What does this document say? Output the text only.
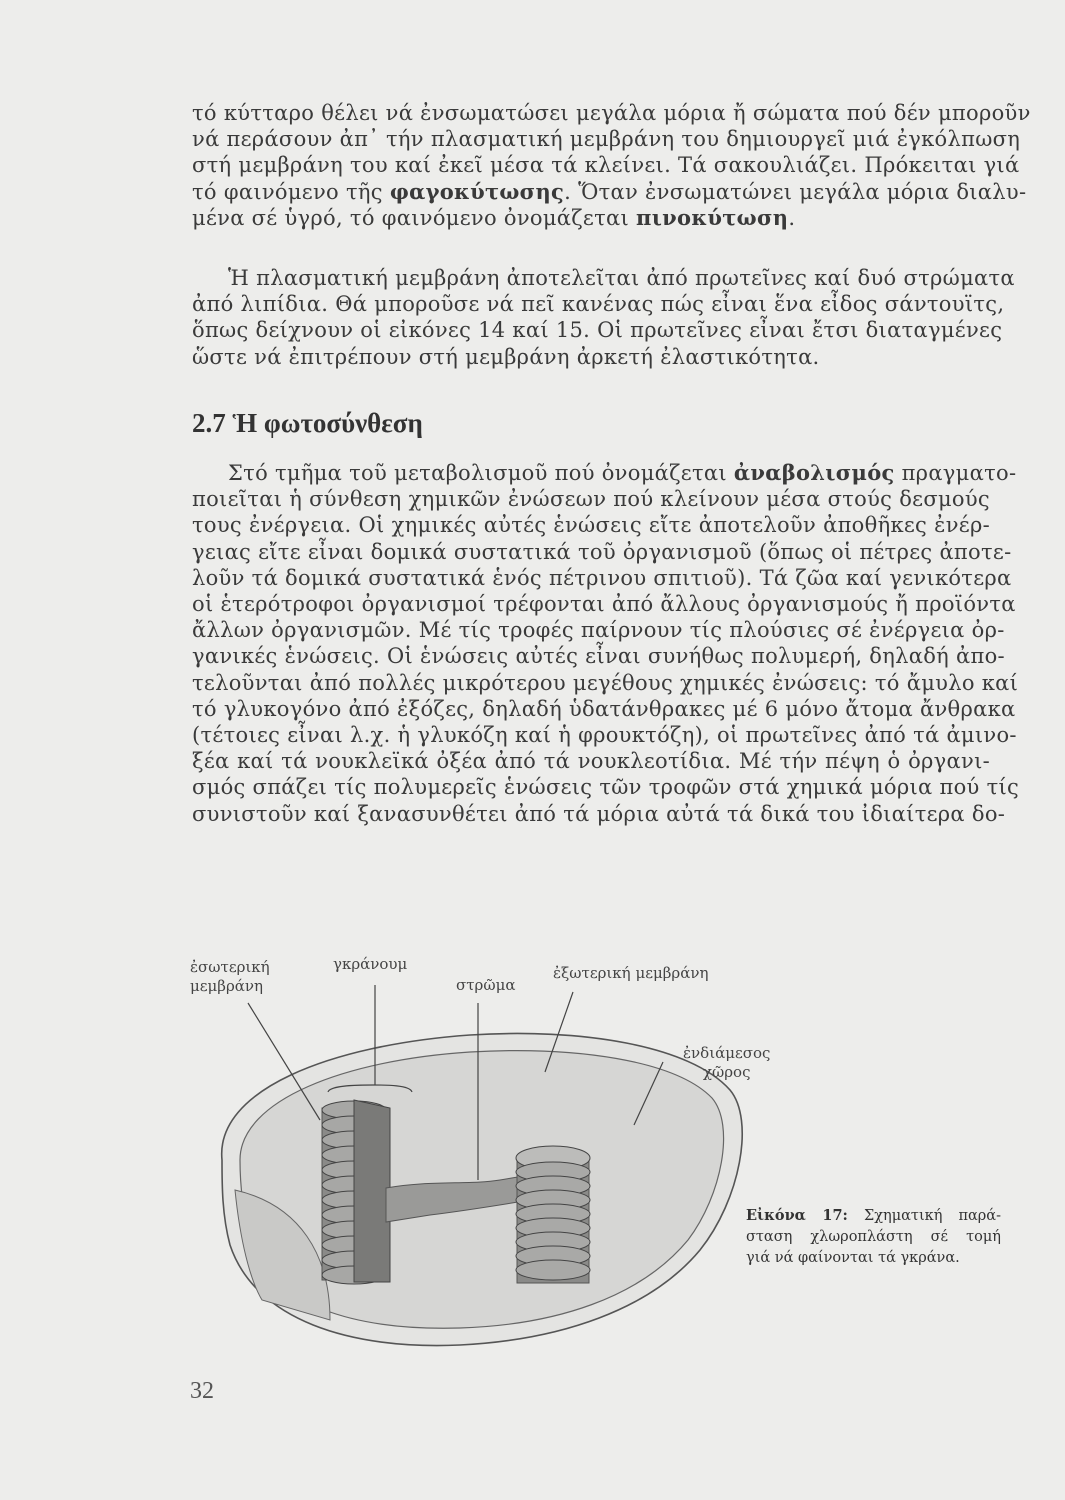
τό κύτταρο θέλει νά ἐνσωματώσει μεγάλα μόρια ἤ σώματα πού δέν μποροῦν
νά περάσουν ἀπ᾽ τήν πλασματική μεμβράνη του δημιουργεῖ μιά ἐγκόλπωση
στή μεμβράνη του καί ἐκεῖ μέσα τά κλείνει. Τά σακουλιάζει. Πρόκειται γιά
τό φαινόμενο τῆς φαγοκύτωσης. Ὅταν ἐνσωματώνει μεγάλα μόρια διαλυ-
μένα σέ ὑγρό, τό φαινόμενο ὀνομάζεται πινοκύτωση.
Ἡ πλασματική μεμβράνη ἀποτελεῖται ἀπό πρωτεῖνες καί δυό στρώματα
ἀπό λιπίδια. Θά μποροῦσε νά πεῖ κανένας πώς εἶναι ἕνα εἶδος σάντουϊτς,
ὅπως δείχνουν οἱ εἰκόνες 14 καί 15. Οἱ πρωτεῖνες εἶναι ἔτσι διαταγμένες
ὥστε νά ἐπιτρέπουν στή μεμβράνη ἀρκετή ἐλαστικότητα.
2.7 Ἡ φωτοσύνθεση
Στό τμῆμα τοῦ μεταβολισμοῦ πού ὀνομάζεται ἀναβολισμός πραγματο-
ποιεῖται ἡ σύνθεση χημικῶν ἐνώσεων πού κλείνουν μέσα στούς δεσμούς
τους ἐνέργεια. Οἱ χημικές αὐτές ἑνώσεις εἴτε ἀποτελοῦν ἀποθῆκες ἐνέρ-
γειας εἴτε εἶναι δομικά συστατικά τοῦ ὀργανισμοῦ (ὅπως οἱ πέτρες ἀποτε-
λοῦν τά δομικά συστατικά ἑνός πέτρινου σπιτιοῦ). Τά ζῶα καί γενικότερα
οἱ ἑτερότροφοι ὀργανισμοί τρέφονται ἀπό ἄλλους ὀργανισμούς ἤ προϊόντα
ἄλλων ὀργανισμῶν. Μέ τίς τροφές παίρνουν τίς πλούσιες σέ ἐνέργεια ὀρ-
γανικές ἑνώσεις. Οἱ ἑνώσεις αὐτές εἶναι συνήθως πολυμερή, δηλαδή ἀπο-
τελοῦνται ἀπό πολλές μικρότερου μεγέθους χημικές ἐνώσεις: τό ἄμυλο καί
τό γλυκογόνο ἀπό ἐξόζες, δηλαδή ὑδατάνθρακες μέ 6 μόνο ἄτομα ἄνθρακα
(τέτοιες εἶναι λ.χ. ἡ γλυκόζη καί ἡ φρουκτόζη), οἱ πρωτεῖνες ἀπό τά ἀμινο-
ξέα καί τά νουκλεϊκά ὀξέα ἀπό τά νουκλεοτίδια. Μέ τήν πέψη ὁ ὀργανι-
σμός σπάζει τίς πολυμερεῖς ἑνώσεις τῶν τροφῶν στά χημικά μόρια πού τίς
συνιστοῦν καί ξανασυνθέτει ἀπό τά μόρια αὐτά τά δικά του ἰδιαίτερα δο-
ἐσωτερική
μεμβράνη
γκράνουμ
στρῶμα
ἐξωτερική μεμβράνη
ἐνδιάμεσος
χῶρος
Εἰκόνα 17: Σχηματική παρά-
σταση χλωροπλάστη σέ τομή
γιά νά φαίνονται τά γκράνα.
32
